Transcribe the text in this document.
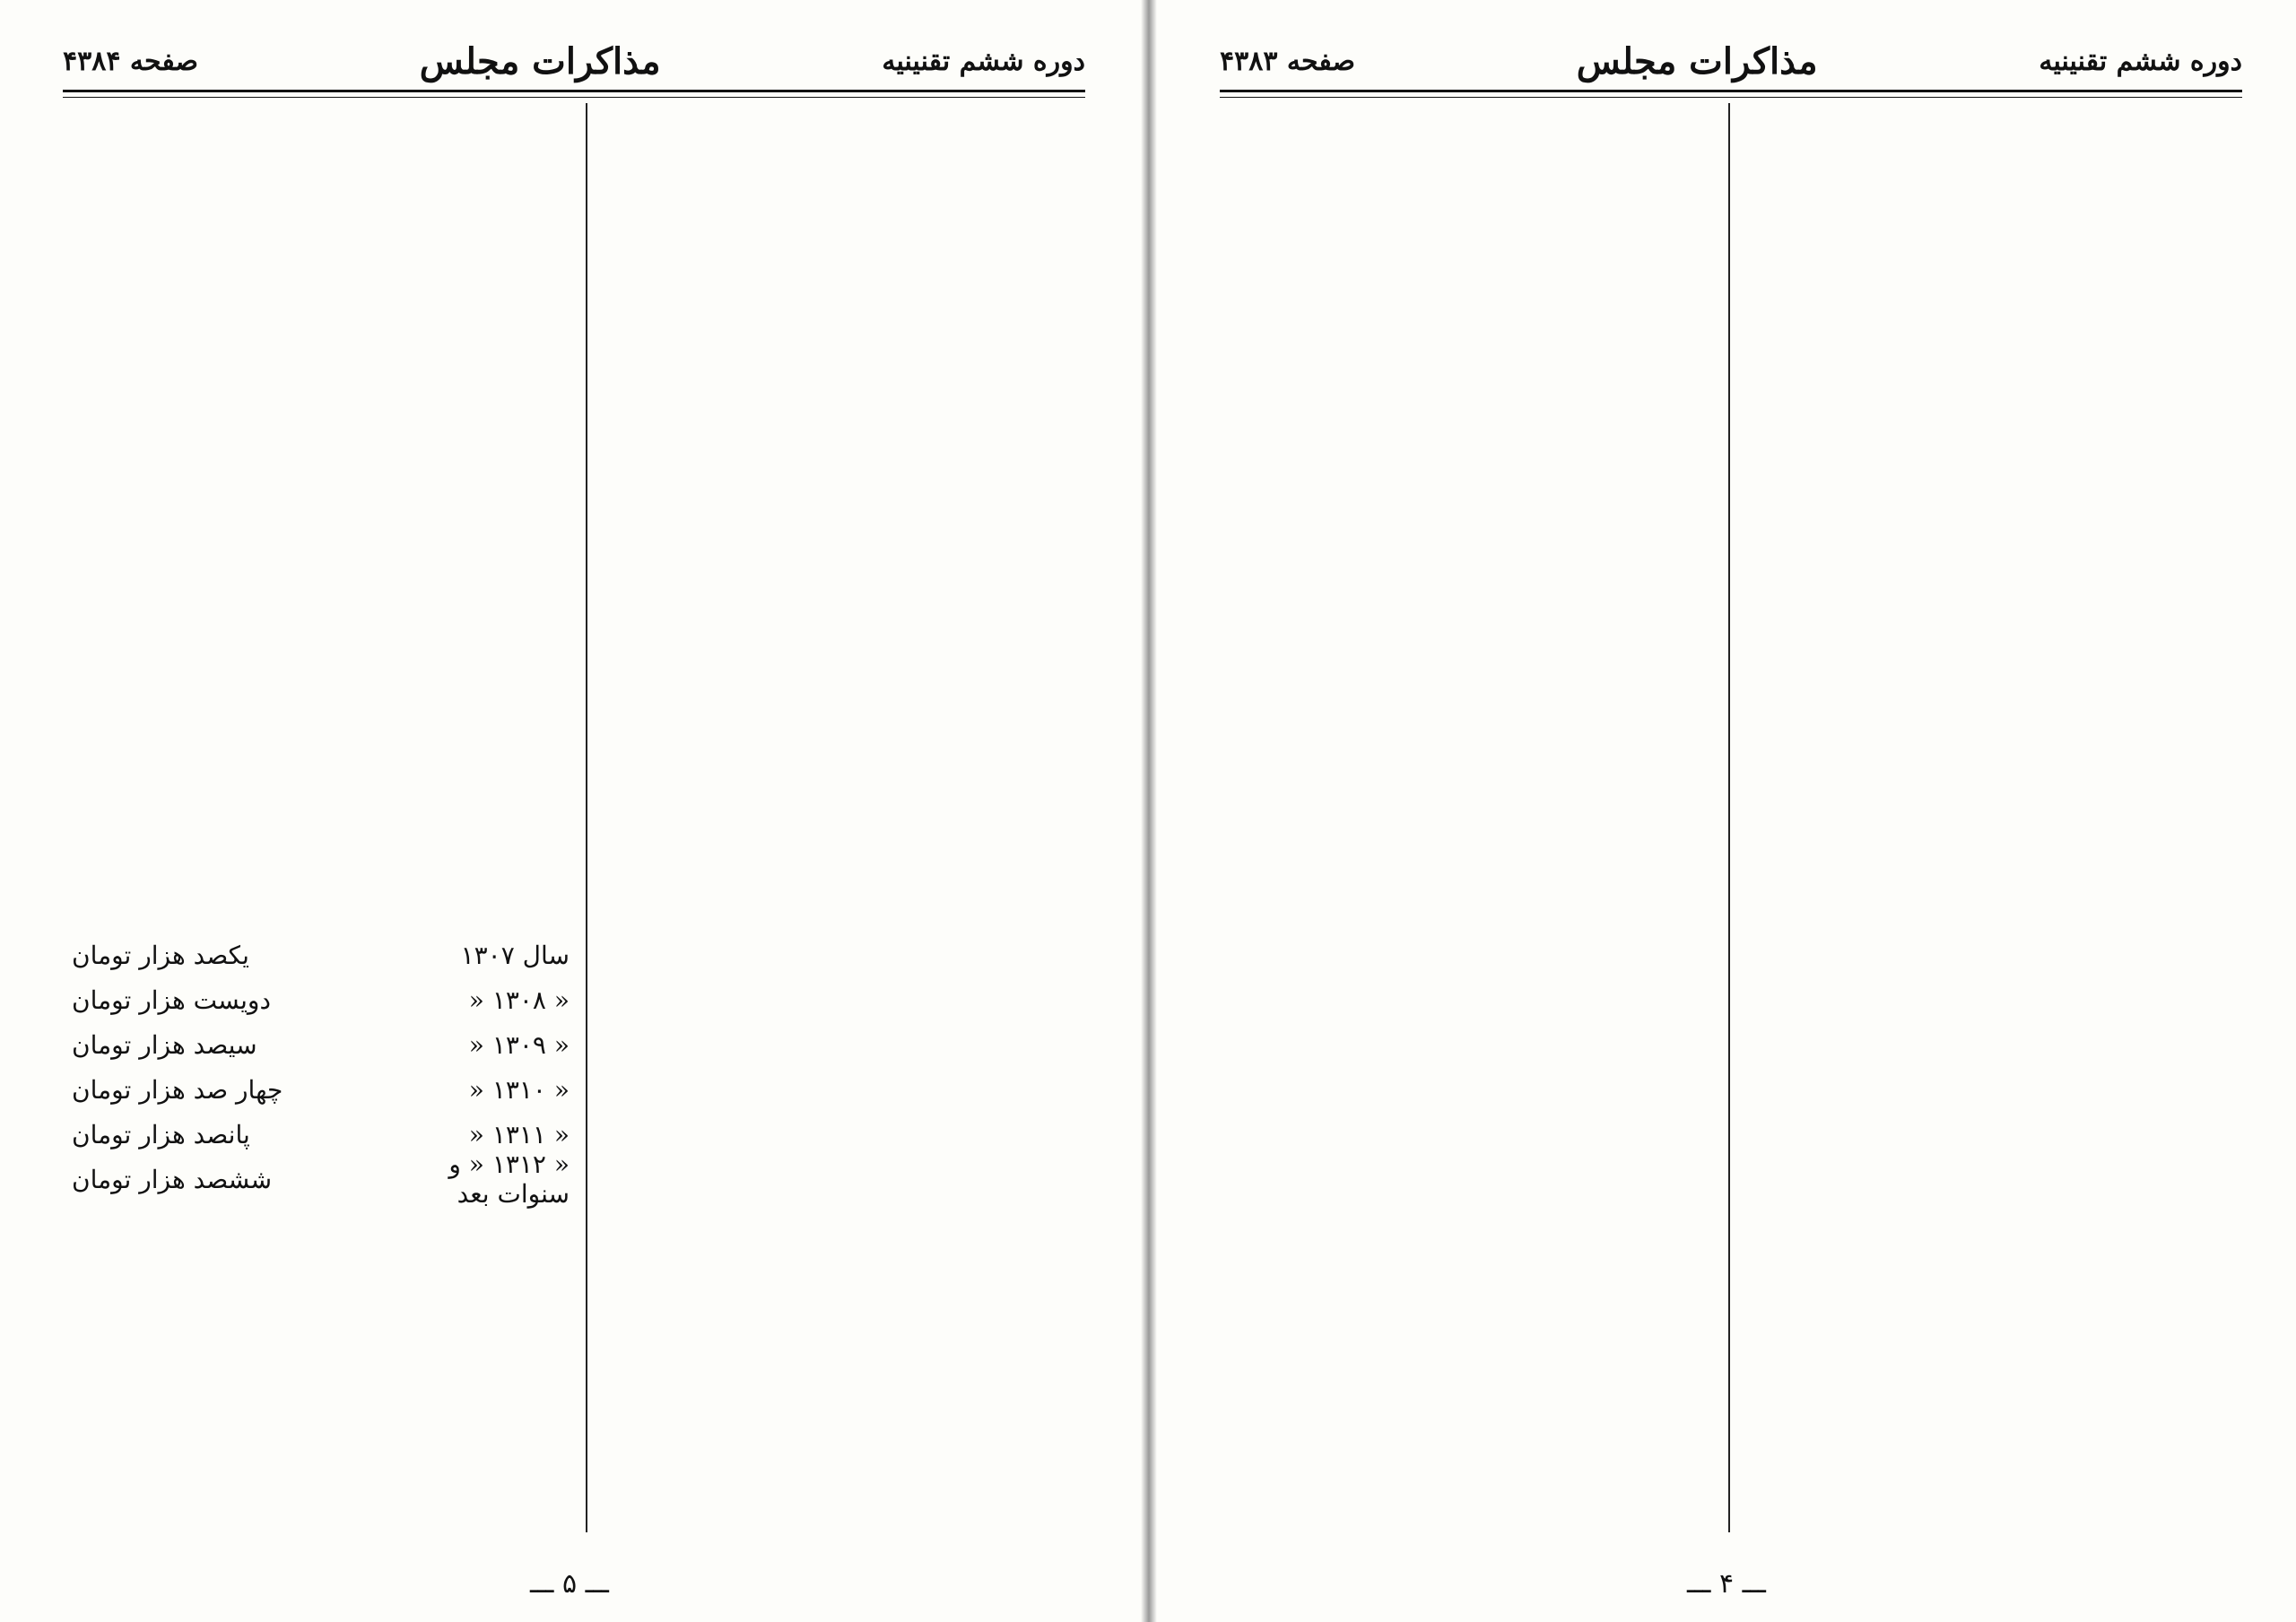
دوره ششم تقنینیه
مذاکرات مجلس
صفحه ۴۳۸۴
سال ۱۳۰۷
یکصد هزار تومان
« ۱۳۰۸ «
دویست هزار تومان
« ۱۳۰۹ «
سیصد هزار تومان
« ۱۳۱۰ «
چهار صد هزار تومان
« ۱۳۱۱ «
پانصد هزار تومان
« ۱۳۱۲ « و سنوات بعد
ششصد هزار تومان
ـــ ۵ ـــ
دوره ششم تقنینیه
مذاکرات مجلس
صفحه ۴۳۸۳
ـــ ۴ ـــ
